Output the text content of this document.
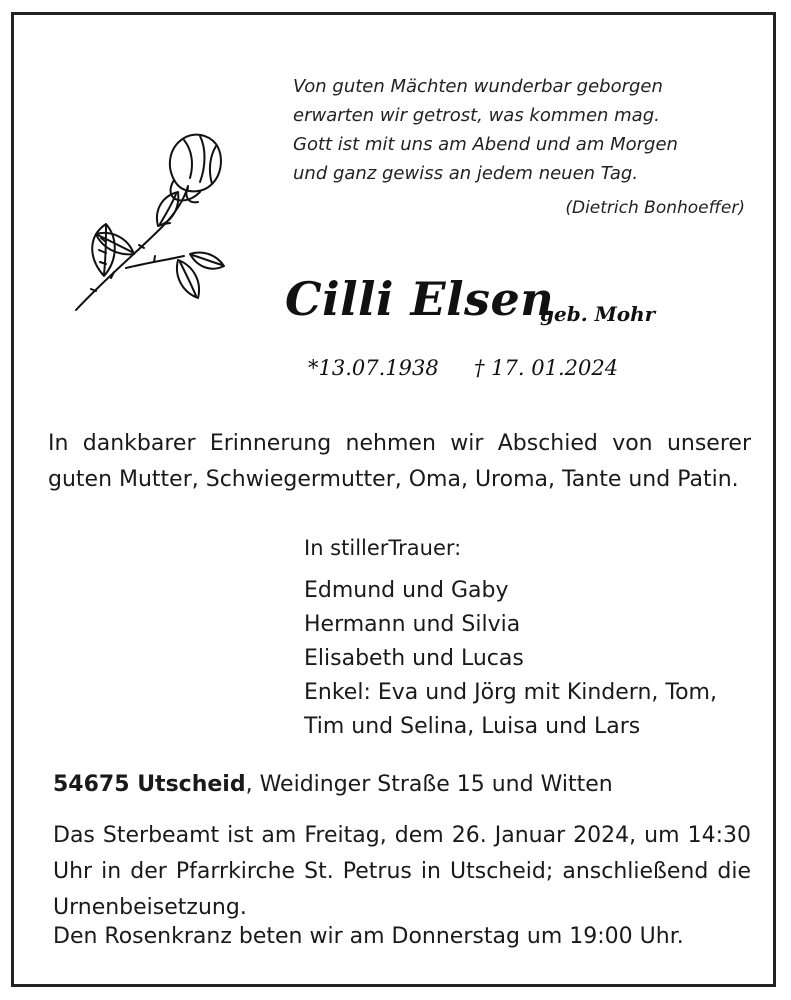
Von guten Mächten wunderbar geborgen
erwarten wir getrost, was kommen mag.
Gott ist mit uns am Abend und am Morgen
und ganz gewiss an jedem neuen Tag.
(Dietrich Bonhoeffer)
Cilli Elsen
geb. Mohr
*13.07.1938 † 17. 01.2024
In dankbarer Erinnerung nehmen wir Abschied von unserer guten Mutter, Schwiegermutter, Oma, Uroma, Tante und Patin.
In stillerTrauer:
Edmund und Gaby
Hermann und Silvia
Elisabeth und Lucas
Enkel: Eva und Jörg mit Kindern, Tom,
Tim und Selina, Luisa und Lars
54675 Utscheid, Weidinger Straße 15 und Witten
Das Sterbeamt ist am Freitag, dem 26. Januar 2024, um 14:30 Uhr in der Pfarrkirche St. Petrus in Utscheid; anschließend die Urnenbeisetzung.
Den Rosenkranz beten wir am Donnerstag um 19:00 Uhr.
